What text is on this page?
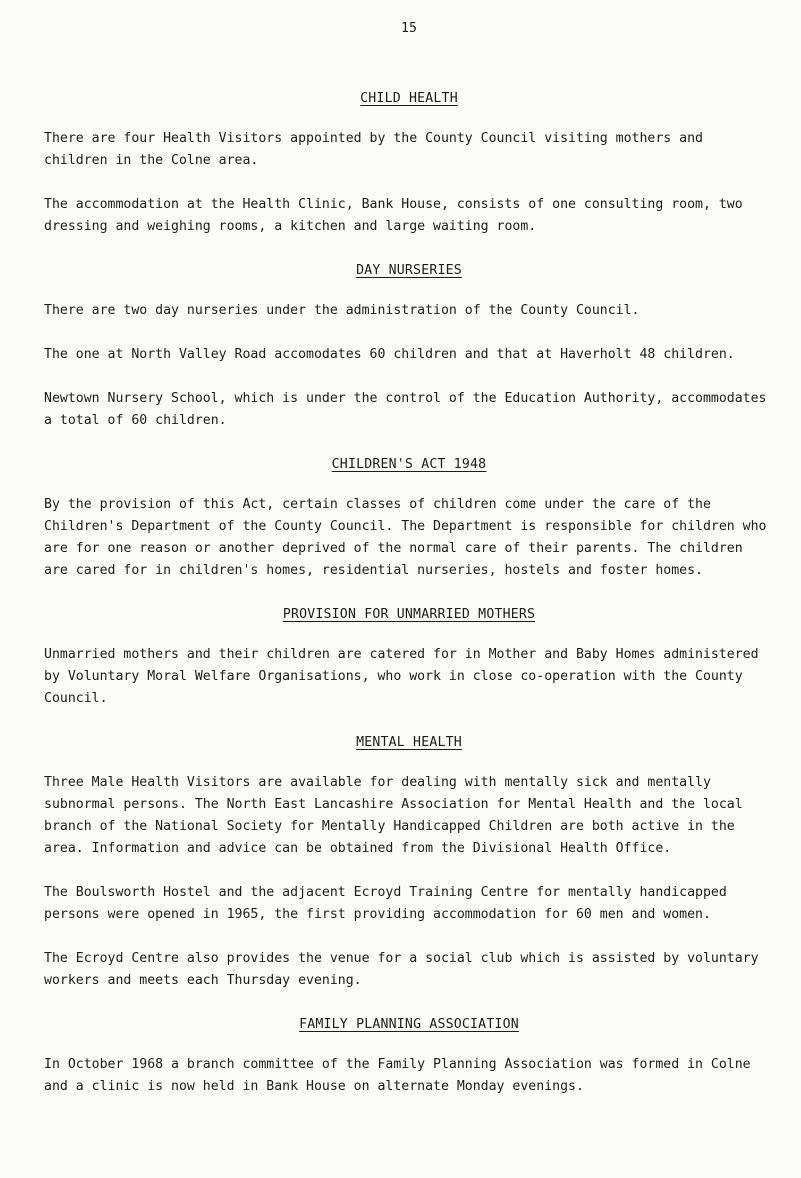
15
CHILD HEALTH

There are four Health Visitors appointed by the County Council visiting mothers and children in the Colne area.

The accommodation at the Health Clinic, Bank House, consists of one consulting room, two dressing and weighing rooms, a kitchen and large waiting room.

DAY NURSERIES

There are two day nurseries under the administration of the County Council.

The one at North Valley Road accomodates 60 children and that at Haverholt 48 children.

Newtown Nursery School, which is under the control of the Education Authority, accommodates a total of 60 children.

CHILDREN'S ACT 1948

By the provision of this Act, certain classes of children come under the care of the Children's Department of the County Council. The Department is responsible for children who are for one reason or another deprived of the normal care of their parents. The children are cared for in children's homes, residential nurseries, hostels and foster homes.

PROVISION FOR UNMARRIED MOTHERS

Unmarried mothers and their children are catered for in Mother and Baby Homes administered by Voluntary Moral Welfare Organisations, who work in close co-operation with the County Council.

MENTAL HEALTH

Three Male Health Visitors are available for dealing with mentally sick and mentally subnormal persons. The North East Lancashire Association for Mental Health and the local branch of the National Society for Mentally Handicapped Children are both active in the area. Information and advice can be obtained from the Divisional Health Office.

The Boulsworth Hostel and the adjacent Ecroyd Training Centre for mentally handicapped persons were opened in 1965, the first providing accommodation for 60 men and women.

The Ecroyd Centre also provides the venue for a social club which is assisted by voluntary workers and meets each Thursday evening.

FAMILY PLANNING ASSOCIATION

In October 1968 a branch committee of the Family Planning Association was formed in Colne and a clinic is now held in Bank House on alternate Monday evenings.
